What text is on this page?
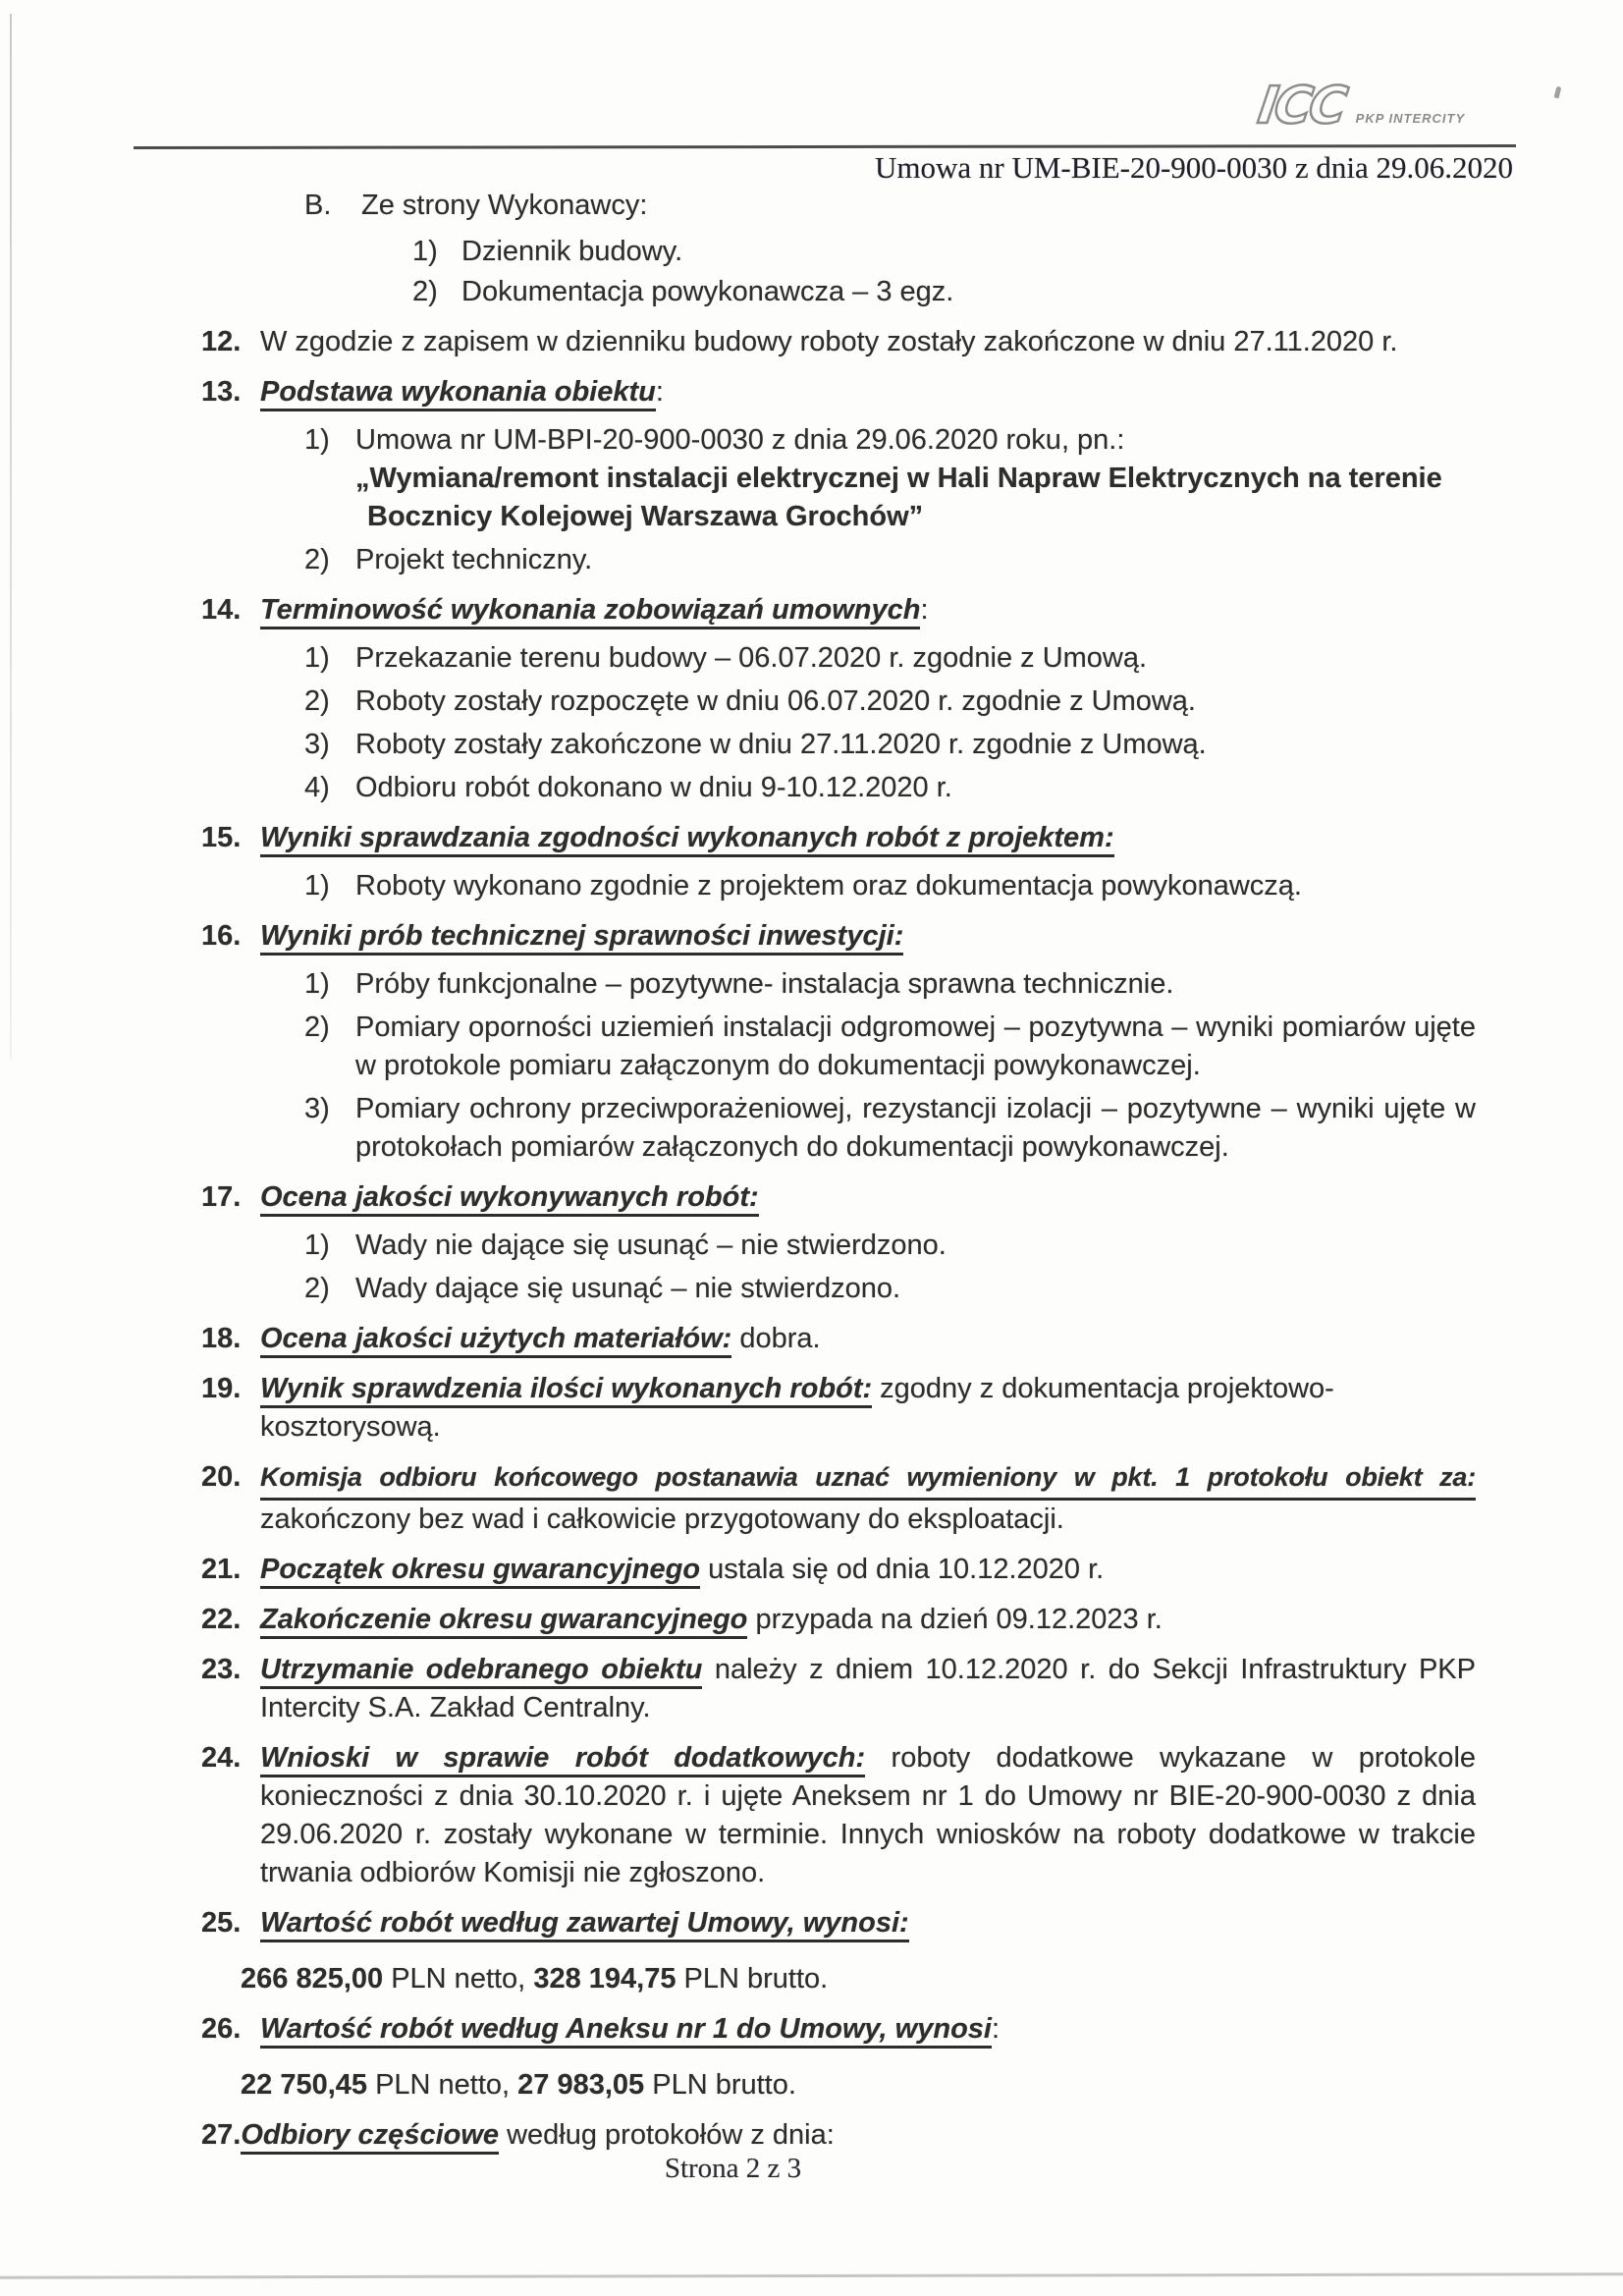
ICC PKP INTERCITY
Umowa nr UM-BIE-20-900-0030 z dnia 29.06.2020
B.	Ze strony Wykonawcy:
1) Dziennik budowy.
2) Dokumentacja powykonawcza – 3 egz.
12. W zgodzie z zapisem w dzienniku budowy roboty zostały zakończone w dniu 27.11.2020 r.
13. Podstawa wykonania obiektu:
1) Umowa nr UM-BPI-20-900-0030 z dnia 29.06.2020 roku, pn.:
„Wymiana/remont instalacji elektrycznej w Hali Napraw Elektrycznych na terenie Bocznicy Kolejowej Warszawa Grochów”
2) Projekt techniczny.
14. Terminowość wykonania zobowiązań umownych:
1) Przekazanie terenu budowy – 06.07.2020 r. zgodnie z Umową.
2) Roboty zostały rozpoczęte w dniu 06.07.2020 r. zgodnie z Umową.
3) Roboty zostały zakończone w dniu 27.11.2020 r. zgodnie z Umową.
4) Odbioru robót dokonano w dniu 9-10.12.2020 r.
15. Wyniki sprawdzania zgodności wykonanych robót z projektem:
1) Roboty wykonano zgodnie z projektem oraz dokumentacja powykonawczą.
16. Wyniki prób technicznej sprawności inwestycji:
1) Próby funkcjonalne – pozytywne- instalacja sprawna technicznie.
2) Pomiary oporności uziemień instalacji odgromowej – pozytywna – wyniki pomiarów ujęte w protokole pomiaru załączonym do dokumentacji powykonawczej.
3) Pomiary ochrony przeciwporażeniowej, rezystancji izolacji – pozytywne – wyniki ujęte w protokołach pomiarów załączonych do dokumentacji powykonawczej.
17. Ocena jakości wykonywanych robót:
1) Wady nie dające się usunąć – nie stwierdzono.
2) Wady dające się usunąć – nie stwierdzono.
18. Ocena jakości użytych materiałów: dobra.
19. Wynik sprawdzenia ilości wykonanych robót: zgodny z dokumentacja projektowo-kosztorysową.
20. Komisja odbioru końcowego postanawia uznać wymieniony w pkt. 1 protokołu obiekt za:
zakończony bez wad i całkowicie przygotowany do eksploatacji.
21. Początek okresu gwarancyjnego ustala się od dnia 10.12.2020 r.
22. Zakończenie okresu gwarancyjnego przypada na dzień 09.12.2023 r.
23. Utrzymanie odebranego obiektu należy z dniem 10.12.2020 r. do Sekcji Infrastruktury PKP Intercity S.A. Zakład Centralny.
24. Wnioski w sprawie robót dodatkowych: roboty dodatkowe wykazane w protokole konieczności z dnia 30.10.2020 r. i ujęte Aneksem nr 1 do Umowy nr BIE-20-900-0030 z dnia 29.06.2020 r. zostały wykonane w terminie. Innych wniosków na roboty dodatkowe w trakcie trwania odbiorów Komisji nie zgłoszono.
25. Wartość robót według zawartej Umowy, wynosi:
266 825,00 PLN netto, 328 194,75 PLN brutto.
26. Wartość robót według Aneksu nr 1 do Umowy, wynosi:
22 750,45 PLN netto, 27 983,05 PLN brutto.
27.Odbiory częściowe według protokołów z dnia:
Strona 2 z 3
